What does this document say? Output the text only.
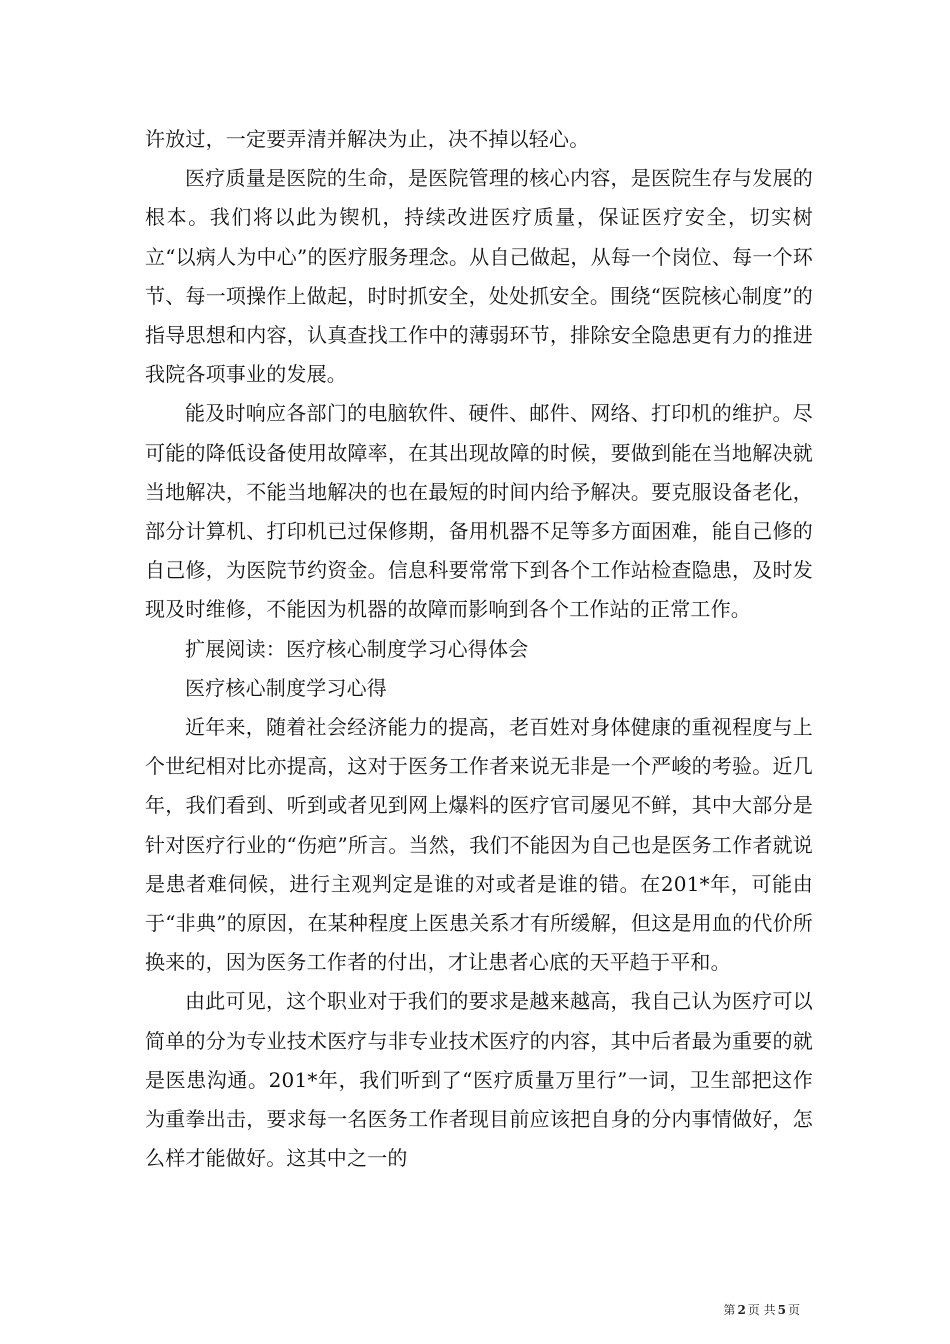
许放过，一定要弄清并解决为止，决不掉以轻心。

医疗质量是医院的生命，是医院管理的核心内容，是医院生存与发展的根本。我们将以此为锲机，持续改进医疗质量，保证医疗安全，切实树立“以病人为中心”的医疗服务理念。从自己做起，从每一个岗位、每一个环节、每一项操作上做起，时时抓安全，处处抓安全。围绕“医院核心制度”的指导思想和内容，认真查找工作中的薄弱环节，排除安全隐患更有力的推进我院各项事业的发展。

能及时响应各部门的电脑软件、硬件、邮件、网络、打印机的维护。尽可能的降低设备使用故障率，在其出现故障的时候，要做到能在当地解决就当地解决，不能当地解决的也在最短的时间内给予解决。要克服设备老化，部分计算机、打印机已过保修期，备用机器不足等多方面困难，能自己修的自己修，为医院节约资金。信息科要常常下到各个工作站检查隐患，及时发现及时维修，不能因为机器的故障而影响到各个工作站的正常工作。

扩展阅读：医疗核心制度学习心得体会

医疗核心制度学习心得

近年来，随着社会经济能力的提高，老百姓对身体健康的重视程度与上个世纪相对比亦提高，这对于医务工作者来说无非是一个严峻的考验。近几年，我们看到、听到或者见到网上爆料的医疗官司屡见不鲜，其中大部分是针对医疗行业的“伤疤”所言。当然，我们不能因为自己也是医务工作者就说是患者难伺候，进行主观判定是谁的对或者是谁的错。在201*年，可能由于“非典”的原因，在某种程度上医患关系才有所缓解，但这是用血的代价所换来的，因为医务工作者的付出，才让患者心底的天平趋于平和。

由此可见，这个职业对于我们的要求是越来越高，我自己认为医疗可以简单的分为专业技术医疗与非专业技术医疗的内容，其中后者最为重要的就是医患沟通。201*年，我们听到了“医疗质量万里行”一词，卫生部把这作为重拳出击，要求每一名医务工作者现目前应该把自身的分内事情做好，怎么样才能做好。这其中之一的

第 2 页 共 5 页
